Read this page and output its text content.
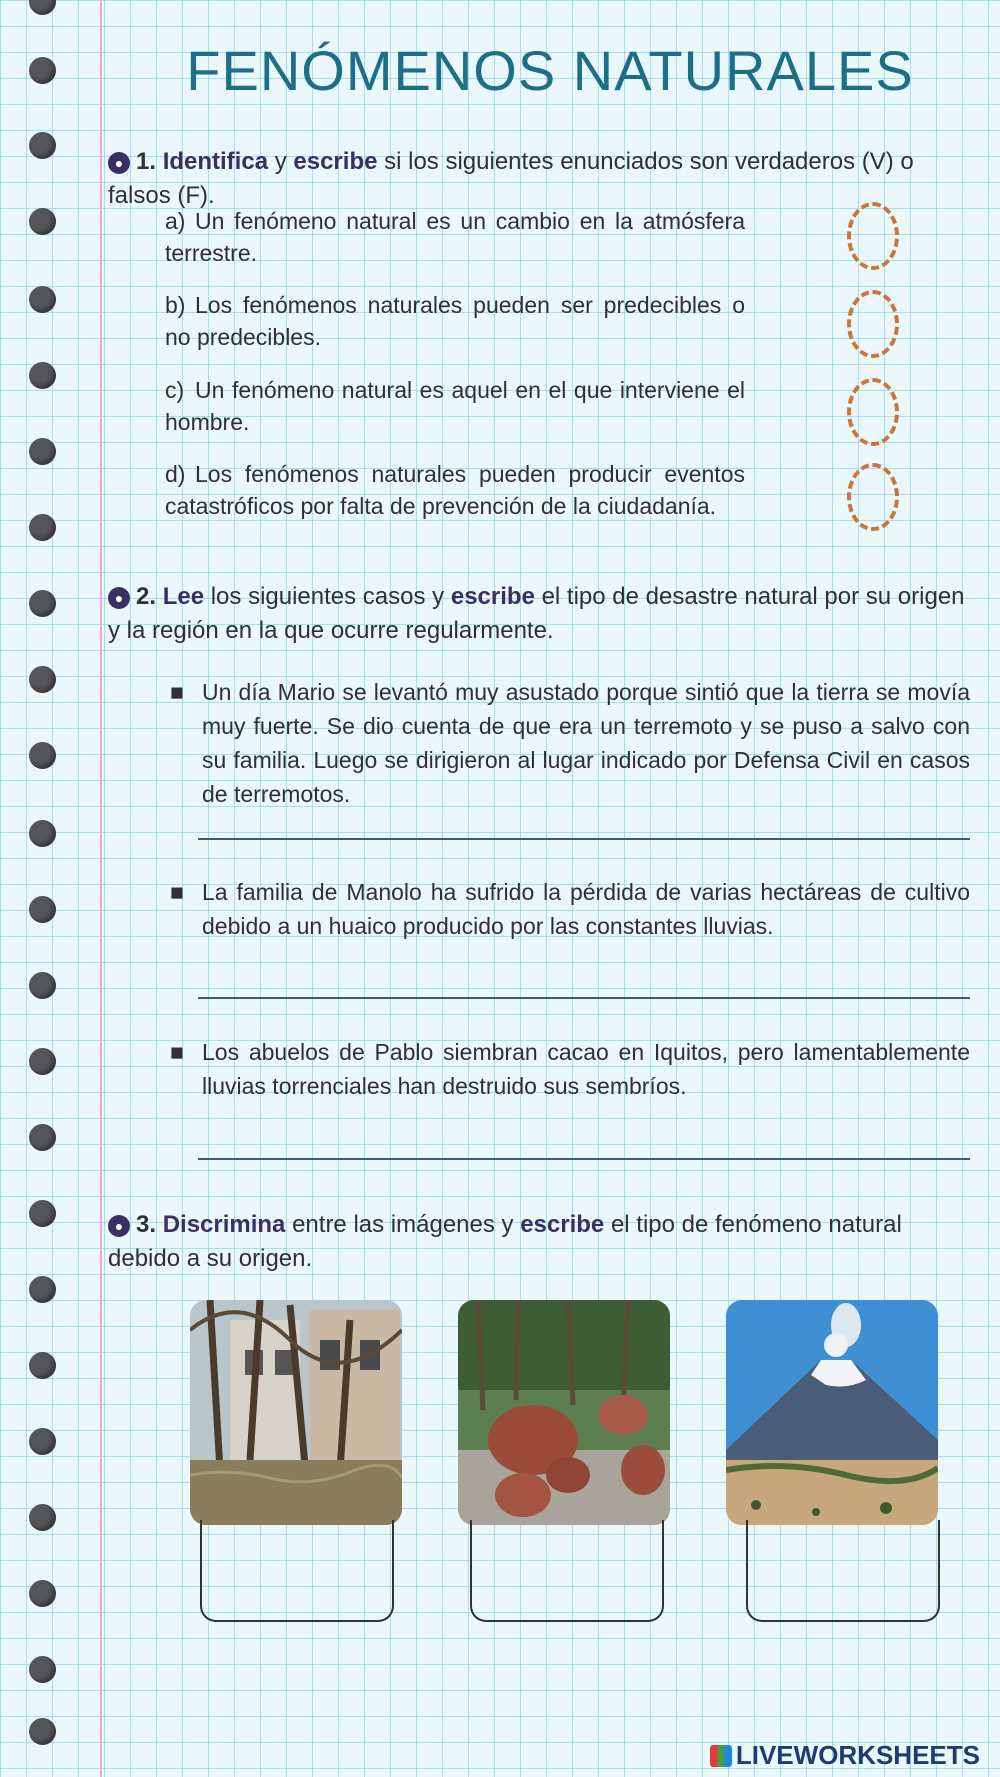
FENÓMENOS NATURALES
● 1. Identifica y escribe si los siguientes enunciados son verdaderos (V) o falsos (F).
a) Un fenómeno natural es un cambio en la atmósfera terrestre.
b) Los fenómenos naturales pueden ser predecibles o no predecibles.
c) Un fenómeno natural es aquel en el que interviene el hombre.
d) Los fenómenos naturales pueden producir eventos catastróficos por falta de prevención de la ciudadanía.
● 2. Lee los siguientes casos y escribe el tipo de desastre natural por su origen y la región en la que ocurre regularmente.
■ Un día Mario se levantó muy asustado porque sintió que la tierra se movía muy fuerte. Se dio cuenta de que era un terremoto y se puso a salvo con su familia. Luego se dirigieron al lugar indicado por Defensa Civil en casos de terremotos.
■ La familia de Manolo ha sufrido la pérdida de varias hectáreas de cultivo debido a un huaico producido por las constantes lluvias.
■ Los abuelos de Pablo siembran cacao en Iquitos, pero lamentablemente lluvias torrenciales han destruido sus sembríos.
● 3. Discrimina entre las imágenes y escribe el tipo de fenómeno natural debido a su origen.
LIVEWORKSHEETS
